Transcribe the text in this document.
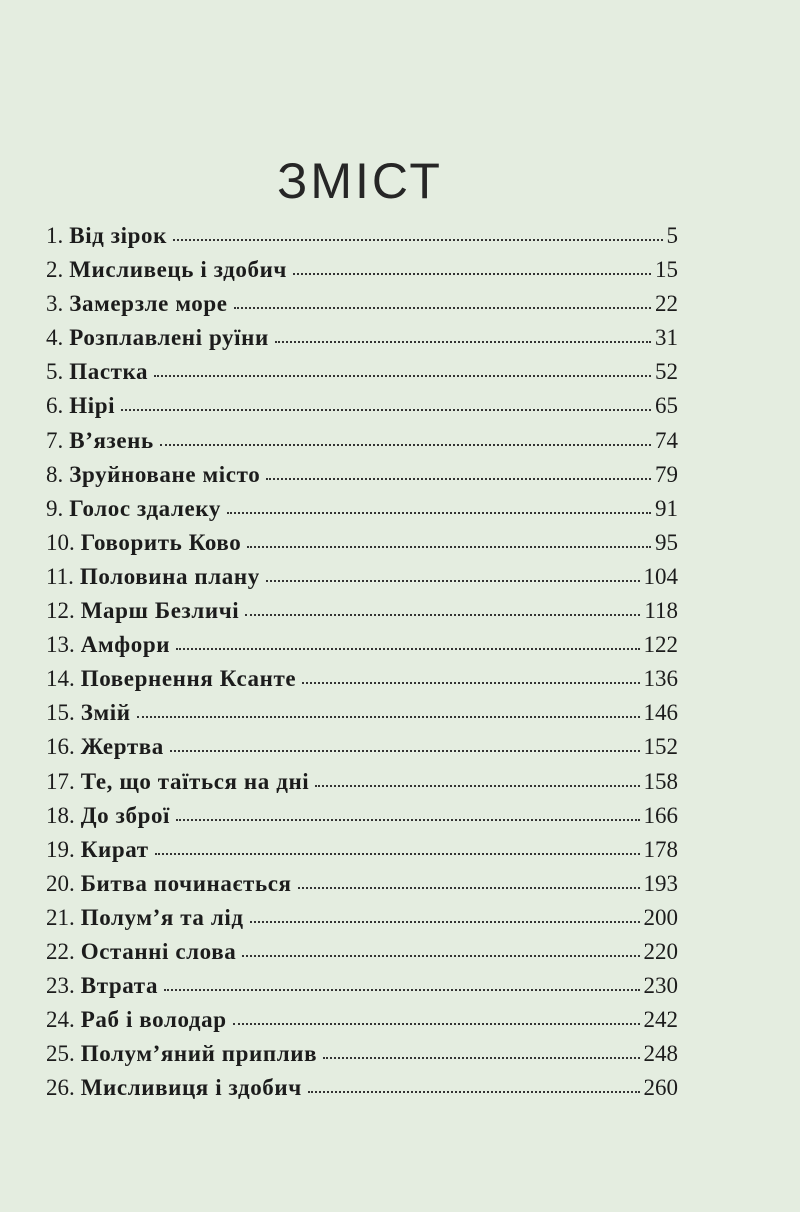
ЗМІСТ
1. Від зірок	5
2. Мисливець і здобич	15
3. Замерзле море	22
4. Розплавлені руїни	31
5. Пастка	52
6. Нірі	65
7. В’язень	74
8. Зруйноване місто	79
9. Голос здалеку	91
10. Говорить Ково	95
11. Половина плану	104
12. Марш Безличі	118
13. Амфори	122
14. Повернення Ксанте	136
15. Змій	146
16. Жертва	152
17. Те, що таїться на дні	158
18. До зброї	166
19. Кират	178
20. Битва починається	193
21. Полум’я та лід	200
22. Останні слова	220
23. Втрата	230
24. Раб і володар	242
25. Полум’яний приплив	248
26. Мисливиця і здобич	260
